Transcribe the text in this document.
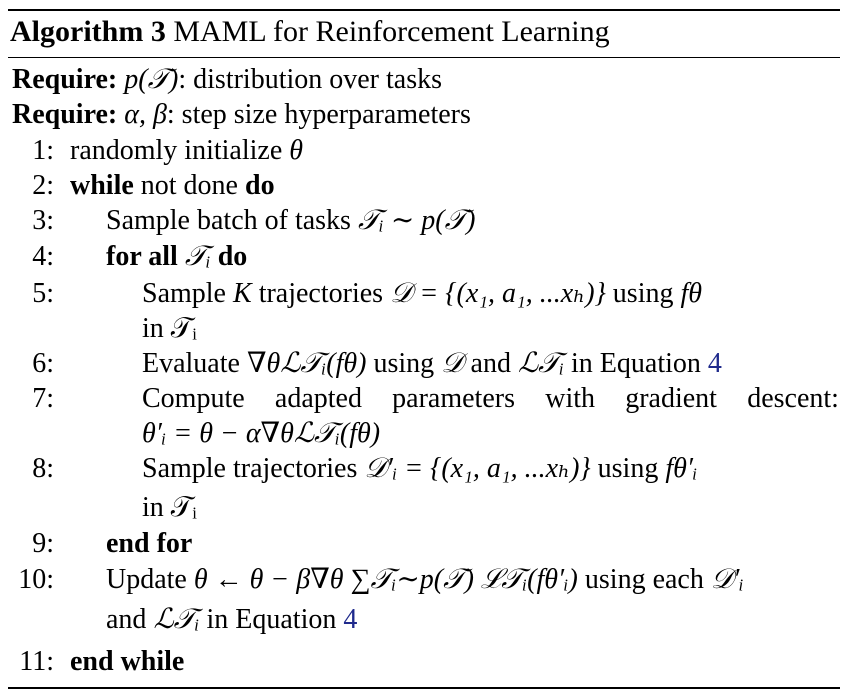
Algorithm 3 MAML for Reinforcement Learning
Require: p(𝒯): distribution over tasks
Require: α, β: step size hyperparameters
1: randomly initialize θ
2: while not done do
3: Sample batch of tasks 𝒯ᵢ ∼ p(𝒯)
4: for all 𝒯ᵢ do
5:	Sample K trajectories 𝒟 = {(x₁, a₁, ...xₕ)} using fθ
in 𝒯ᵢ
6:	Evaluate ∇θℒ𝒯ᵢ(fθ) using 𝒟 and ℒ𝒯ᵢ in Equation 4
7:	Compute adapted parameters with gradient descent:
θ′ᵢ = θ − α∇θℒ𝒯ᵢ(fθ)
8:	Sample trajectories 𝒟′ᵢ = {(x₁, a₁, ...xₕ)} using fθ′ᵢ
in 𝒯ᵢ
9: end for
10: Update θ ← θ − β∇θ ∑𝒯ᵢ∼p(𝒯) ℒ𝒯ᵢ(fθ′ᵢ) using each 𝒟′ᵢ
and ℒ𝒯ᵢ in Equation 4
11: end while
